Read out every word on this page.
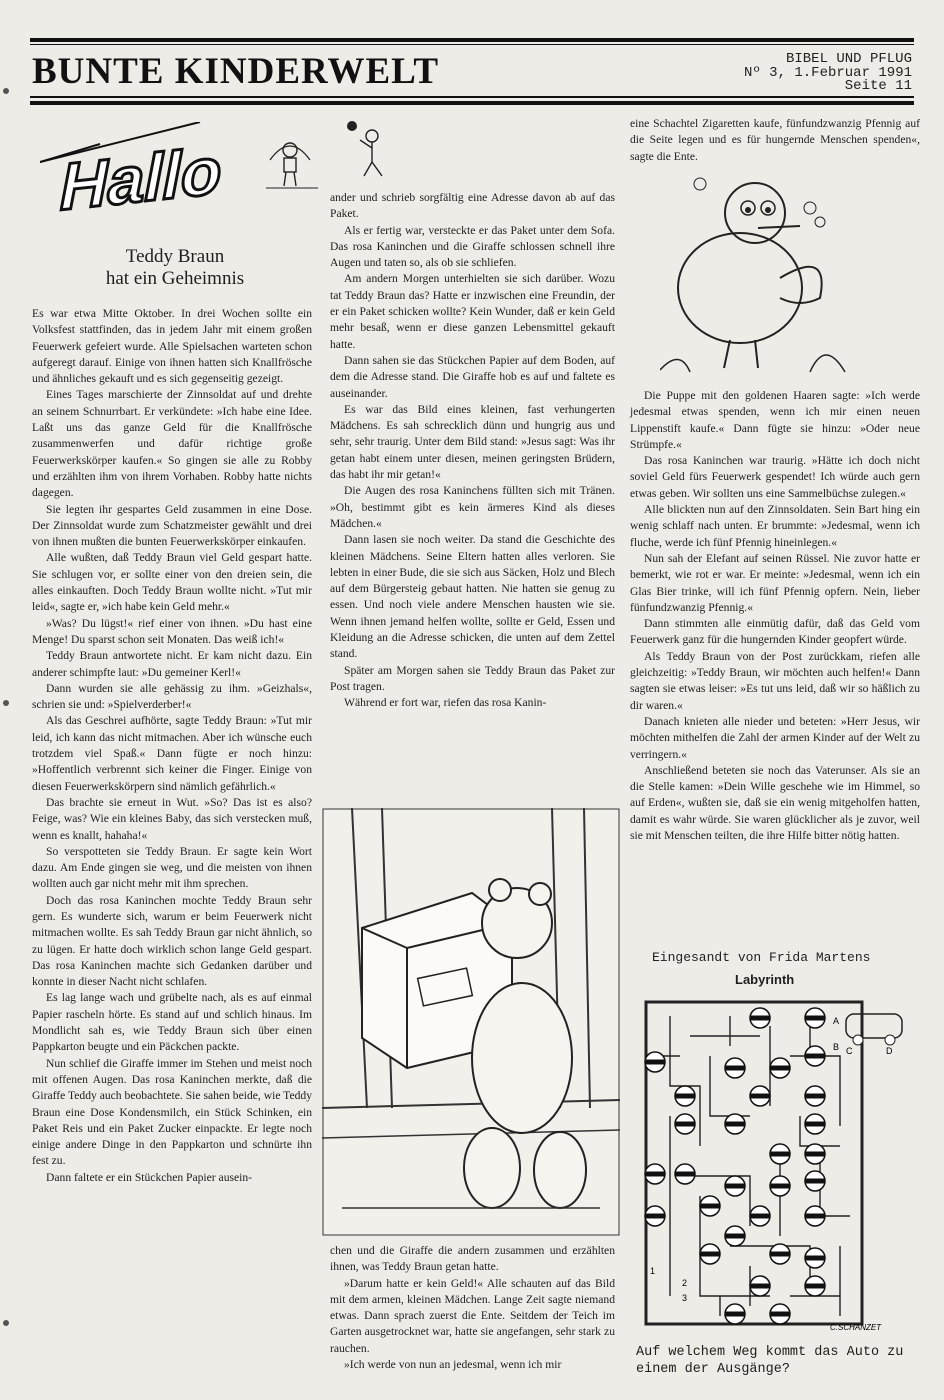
BUNTE KINDERWELT	BIBEL UND PFLUG
Nº 3, 1.Februar 1991
Seite 11
Hallo
Teddy Braun
hat ein Geheimnis

Es war etwa Mitte Oktober. In drei Wochen sollte ein Volksfest stattfinden, das in jedem Jahr mit einem großen Feuerwerk gefeiert wurde. Alle Spielsachen warteten schon aufgeregt darauf. Einige von ihnen hatten sich Knallfrösche und ähnliches gekauft und es sich gegenseitig gezeigt.

Eines Tages marschierte der Zinnsoldat auf und drehte an seinem Schnurrbart. Er verkündete: »Ich habe eine Idee. Laßt uns das ganze Geld für die Knallfrösche zusammenwerfen und dafür richtige große Feuerwerkskörper kaufen.« So gingen sie alle zu Robby und erzählten ihm von ihrem Vorhaben. Robby hatte nichts dagegen.

Sie legten ihr gespartes Geld zusammen in eine Dose. Der Zinnsoldat wurde zum Schatzmeister gewählt und drei von ihnen mußten die bunten Feuerwerkskörper einkaufen.

Alle wußten, daß Teddy Braun viel Geld gespart hatte. Sie schlugen vor, er sollte einer von den dreien sein, die alles einkauften. Doch Teddy Braun wollte nicht. »Tut mir leid«, sagte er, »ich habe kein Geld mehr.«

»Was? Du lügst!« rief einer von ihnen. »Du hast eine Menge! Du sparst schon seit Monaten. Das weiß ich!«

Teddy Braun antwortete nicht. Er kam nicht dazu. Ein anderer schimpfte laut: »Du gemeiner Kerl!«

Dann wurden sie alle gehässig zu ihm. »Geizhals«, schrien sie und: »Spielverderber!«

Als das Geschrei aufhörte, sagte Teddy Braun: »Tut mir leid, ich kann das nicht mitmachen. Aber ich wünsche euch trotzdem viel Spaß.« Dann fügte er noch hinzu: »Hoffentlich verbrennt sich keiner die Finger. Einige von diesen Feuerwerkskörpern sind nämlich gefährlich.«

Das brachte sie erneut in Wut. »So? Das ist es also? Feige, was? Wie ein kleines Baby, das sich verstecken muß, wenn es knallt, hahaha!«

So verspotteten sie Teddy Braun. Er sagte kein Wort dazu. Am Ende gingen sie weg, und die meisten von ihnen wollten auch gar nicht mehr mit ihm sprechen.

Doch das rosa Kaninchen mochte Teddy Braun sehr gern. Es wunderte sich, warum er beim Feuerwerk nicht mitmachen wollte. Es sah Teddy Braun gar nicht ähnlich, so zu lügen. Er hatte doch wirklich schon lange Geld gespart. Das rosa Kaninchen machte sich Gedanken darüber und konnte in dieser Nacht nicht schlafen.

Es lag lange wach und grübelte nach, als es auf einmal Papier rascheln hörte. Es stand auf und schlich hinaus. Im Mondlicht sah es, wie Teddy Braun sich über einen Pappkarton beugte und ein Päckchen packte.

Nun schlief die Giraffe immer im Stehen und meist noch mit offenen Augen. Das rosa Kaninchen merkte, daß die Giraffe Teddy auch beobachtete. Sie sahen beide, wie Teddy Braun eine Dose Kondensmilch, ein Stück Schinken, ein Paket Reis und ein Paket Zucker einpackte. Er legte noch einige andere Dinge in den Pappkarton und schnürte ihn fest zu.

Dann faltete er ein Stückchen Papier ausein-

ander und schrieb sorgfältig eine Adresse davon ab auf das Paket.

Als er fertig war, versteckte er das Paket unter dem Sofa. Das rosa Kaninchen und die Giraffe schlossen schnell ihre Augen und taten so, als ob sie schliefen.

Am andern Morgen unterhielten sie sich darüber. Wozu tat Teddy Braun das? Hatte er inzwischen eine Freundin, der er ein Paket schicken wollte? Kein Wunder, daß er kein Geld mehr besaß, wenn er diese ganzen Lebensmittel gekauft hatte.

Dann sahen sie das Stückchen Papier auf dem Boden, auf dem die Adresse stand. Die Giraffe hob es auf und faltete es auseinander.

Es war das Bild eines kleinen, fast verhungerten Mädchens. Es sah schrecklich dünn und hungrig aus und sehr, sehr traurig. Unter dem Bild stand: »Jesus sagt: Was ihr getan habt einem unter diesen, meinen geringsten Brüdern, das habt ihr mir getan!«

Die Augen des rosa Kaninchens füllten sich mit Tränen. »Oh, bestimmt gibt es kein ärmeres Kind als dieses Mädchen.«

Dann lasen sie noch weiter. Da stand die Geschichte des kleinen Mädchens. Seine Eltern hatten alles verloren. Sie lebten in einer Bude, die sie sich aus Säcken, Holz und Blech auf dem Bürgersteig gebaut hatten. Nie hatten sie genug zu essen. Und noch viele andere Menschen hausten wie sie. Wenn ihnen jemand helfen wollte, sollte er Geld, Essen und Kleidung an die Adresse schicken, die unten auf dem Zettel stand.

Später am Morgen sahen sie Teddy Braun das Paket zur Post tragen.

Während er fort war, riefen das rosa Kanin-

chen und die Giraffe die andern zusammen und erzählten ihnen, was Teddy Braun getan hatte.

»Darum hatte er kein Geld!« Alle schauten auf das Bild mit dem armen, kleinen Mädchen. Lange Zeit sagte niemand etwas. Dann sprach zuerst die Ente. Seitdem der Teich im Garten ausgetrocknet war, hatte sie angefangen, sehr stark zu rauchen.

»Ich werde von nun an jedesmal, wenn ich mir

eine Schachtel Zigaretten kaufe, fünfundzwanzig Pfennig auf die Seite legen und es für hungernde Menschen spenden«, sagte die Ente.

Die Puppe mit den goldenen Haaren sagte: »Ich werde jedesmal etwas spenden, wenn ich mir einen neuen Lippenstift kaufe.« Dann fügte sie hinzu: »Oder neue Strümpfe.«

Das rosa Kaninchen war traurig. »Hätte ich doch nicht soviel Geld fürs Feuerwerk gespendet! Ich würde auch gern etwas geben. Wir sollten uns eine Sammelbüchse zulegen.«

Alle blickten nun auf den Zinnsoldaten. Sein Bart hing ein wenig schlaff nach unten. Er brummte: »Jedesmal, wenn ich fluche, werde ich fünf Pfennig hineinlegen.«

Nun sah der Elefant auf seinen Rüssel. Nie zuvor hatte er bemerkt, wie rot er war. Er meinte: »Jedesmal, wenn ich ein Glas Bier trinke, will ich fünf Pfennig opfern. Nein, lieber fünfundzwanzig Pfennig.«

Dann stimmten alle einmütig dafür, daß das Geld vom Feuerwerk ganz für die hungernden Kinder geopfert würde.

Als Teddy Braun von der Post zurückkam, riefen alle gleichzeitig: »Teddy Braun, wir möchten auch helfen!« Dann sagten sie etwas leiser: »Es tut uns leid, daß wir so häßlich zu dir waren.«

Danach knieten alle nieder und beteten: »Herr Jesus, wir möchten mithelfen die Zahl der armen Kinder auf der Welt zu verringern.«

Anschließend beteten sie noch das Vaterunser. Als sie an die Stelle kamen: »Dein Wille geschehe wie im Himmel, so auf Erden«, wußten sie, daß sie ein wenig mitgeholfen hatten, damit es wahr würde. Sie waren glücklicher als je zuvor, weil sie mit Menschen teilten, die ihre Hilfe bitter nötig hatten.

Eingesandt von Frida Martens
Labyrinth
A
B C	D
1
2
3
C.SCHANZET
Auf welchem Weg kommt das Auto zu einem der Ausgänge?
